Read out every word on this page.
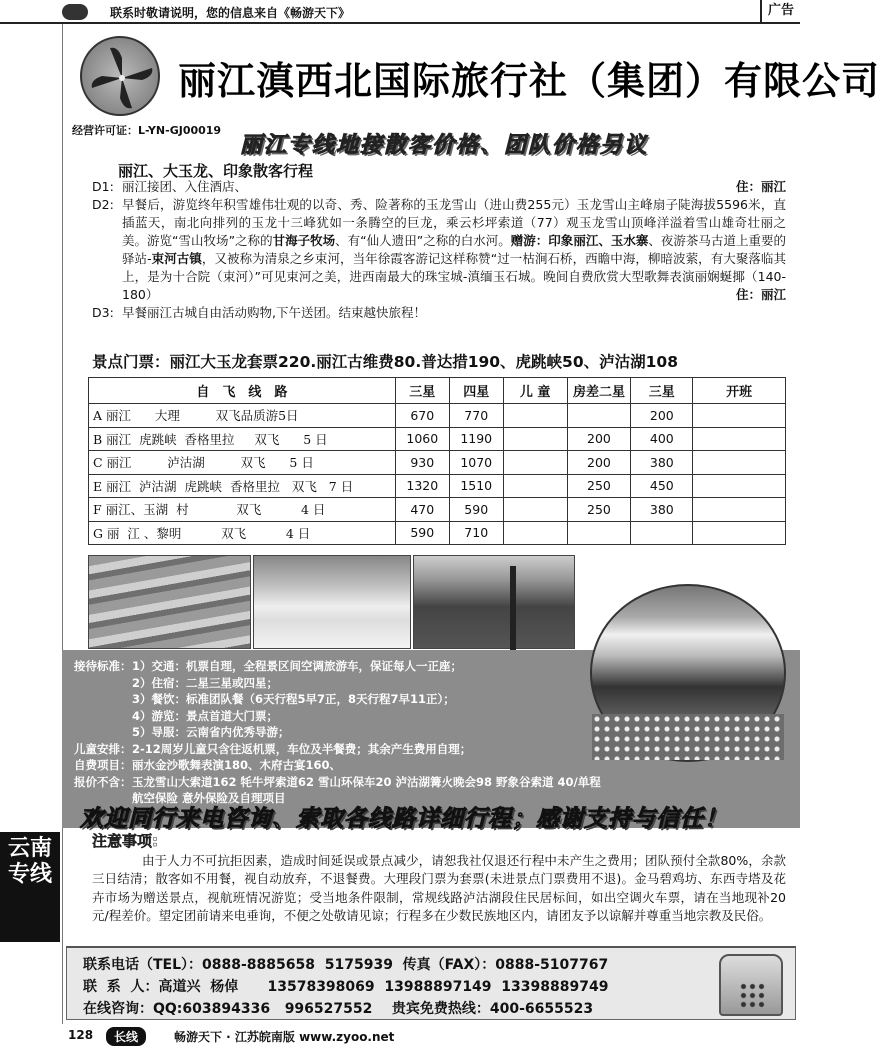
联系时敬请说明，您的信息来自《畅游天下》	广告
丽江滇西北国际旅行社（集团）有限公司
经营许可证：L-YN-GJ00019
丽江专线地接散客价格、团队价格另议
丽江、大玉龙、印象散客行程
D1: 丽江接团、入住酒店、	住：丽江
D2: 早餐后，游览终年积雪雄伟壮观的以奇、秀、险著称的玉龙雪山（进山费255元）玉龙雪山主峰扇子陡海拔5596米，直插蓝天，南北向排列的玉龙十三峰犹如一条腾空的巨龙，乘云杉坪索道（77）观玉龙雪山顶峰洋溢着雪山雄奇壮丽之美。游览“雪山牧场”之称的甘海子牧场、有“仙人遗田”之称的白水河。赠游：印象丽江、玉水寨、夜游茶马古道上重要的驿站-束河古镇，又被称为清泉之乡束河，当年徐霞客游记这样称赞“过一枯涧石桥，西瞻中海，柳暗波萦，有大聚落临其上，是为十合院（束河）”可见束河之美，进西南最大的珠宝城-滇缅玉石城。晚间自费欣赏大型歌舞表演丽娴蜒揶（140-180）	住：丽江
D3: 早餐丽江古城自由活动购物,下午送团。结束越快旅程！
景点门票：丽江大玉龙套票220.丽江古维费80.普达措190、虎跳峡50、泸沽湖108
自　飞　线　路	三星	四星	儿 童	房差二星	三星	开班
A 丽江      大理         双飞品质游5日	670	770			200	
B 丽江  虎跳峡  香格里拉     双飞      5 日	1060	1190		200	400	
C 丽江         泸沽湖         双飞      5 日	930	1070		200	380	
E 丽江  泸沽湖  虎跳峡  香格里拉   双飞   7 日	1320	1510		250	450	
F 丽江、玉湖  村            双飞          4 日	470	590		250	380	
G 丽  江 、黎明          双飞          4 日	590	710				
接待标准： 1）交通：机票自理，全程景区间空调旅游车，保证每人一正座；
2）住宿：二星三星或四星；
3）餐饮：标准团队餐（6天行程5早7正，8天行程7早11正）；
4）游览：景点首道大门票；
5）导服：云南省内优秀导游；
儿童安排： 2-12周岁儿童只含往返机票，车位及半餐费；其余产生费用自理；
自费项目： 丽水金沙歌舞表演180、木府古宴160、
报价不含： 玉龙雪山大索道162 牦牛坪索道62 雪山环保车20 泸沽湖篝火晚会98 野象谷索道 40/单程
航空保险 意外保险及自理项目
欢迎同行来电咨询、索取各线路详细行程；感谢支持与信任！
注意事项:
由于人力不可抗拒因素，造成时间延误或景点减少，请恕我社仅退还行程中未产生之费用；团队预付全款80%，余款三日结清；散客如不用餐，视自动放弃，不退餐费。大理段门票为套票(未进景点门票费用不退)。金马碧鸡坊、东西寺塔及花卉市场为赠送景点，视航班情况游览；受当地条件限制，常规线路泸沽湖段住民居标间，如出空调火车票，请在当地现补20元/程差价。望定团前请来电垂询，不便之处敬请见谅；行程多在少数民族地区内，请团友予以谅解并尊重当地宗教及民俗。
云南
专线
联系电话（TEL）：0888-8885658  5175939  传真（FAX）：0888-5107767
联  系  人：高道兴  杨倬      13578398069  13988897149  13398889749
在线咨询：QQ:603894336   996527552    贵宾免费热线：400-6655523
128	长线	畅游天下 · 江苏皖南版 www.zyoo.net
